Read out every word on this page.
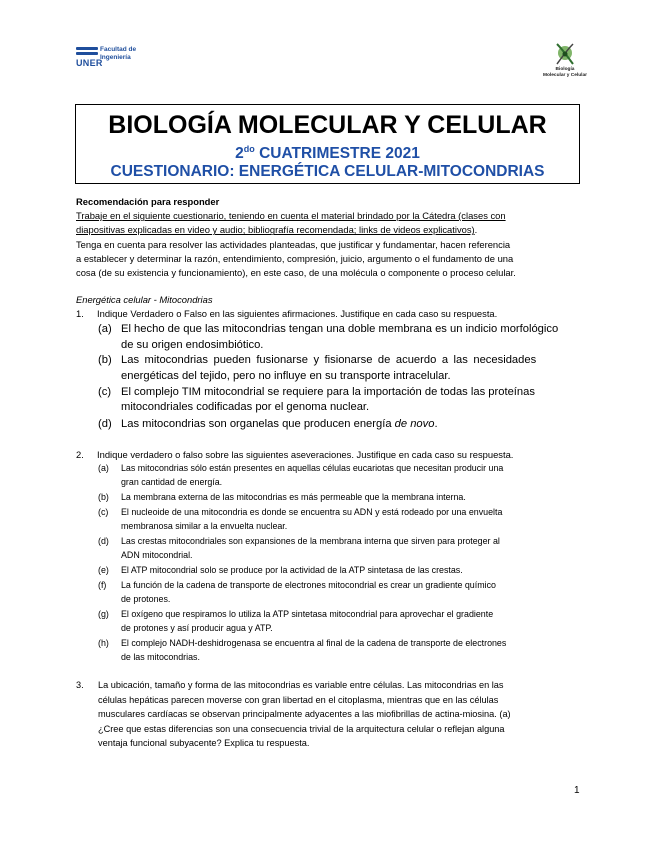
Facultad de
Ingeniería
UNER
Biología
Molecular y Celular
BIOLOGÍA MOLECULAR Y CELULAR
$2^{do}$ CUATRIMESTRE 2021
CUESTIONARIO: ENERGÉTICA CELULAR-MITOCONDRIAS
Recomendación para responder
Trabaje en el siguiente cuestionario, teniendo en cuenta el material brindado por la Cátedra (clases con
diapositivas explicadas en video y audio; bibliografía recomendada; links de videos explicativos).
Tenga en cuenta para resolver las actividades planteadas, que justificar y fundamentar, hacen referencia
a establecer y determinar la razón, entendimiento, compresión, juicio, argumento o el fundamento de una
cosa (de su existencia y funcionamiento), en este caso, de una molécula o componente o proceso celular.
Energética celular - Mitocondrias
1. Indique Verdadero o Falso en las siguientes afirmaciones. Justifique en cada caso su respuesta.
(a) El hecho de que las mitocondrias tengan una doble membrana es un indicio morfológico
de su origen endosimbiótico.
(b) Las mitocondrias pueden fusionarse y fisionarse de acuerdo a las necesidades
energéticas del tejido, pero no influye en su transporte intracelular.
(c) El complejo TIM mitocondrial se requiere para la importación de todas las proteínas
mitocondriales codificadas por el genoma nuclear.
(d) Las mitocondrias son organelas que producen energía de novo.
2. Indique verdadero o falso sobre las siguientes aseveraciones. Justifique en cada caso su respuesta.
(a) Las mitocondrias sólo están presentes en aquellas células eucariotas que necesitan producir una
gran cantidad de energía.
(b) La membrana externa de las mitocondrias es más permeable que la membrana interna.
(c) El nucleoide de una mitocondria es donde se encuentra su ADN y está rodeado por una envuelta
membranosa similar a la envuelta nuclear.
(d) Las crestas mitocondriales son expansiones de la membrana interna que sirven para proteger al
ADN mitocondrial.
(e) El ATP mitocondrial solo se produce por la actividad de la ATP sintetasa de las crestas.
(f) La función de la cadena de transporte de electrones mitocondrial es crear un gradiente químico
de protones.
(g) El oxígeno que respiramos lo utiliza la ATP sintetasa mitocondrial para aprovechar el gradiente
de protones y así producir agua y ATP.
(h) El complejo NADH-deshidrogenasa se encuentra al final de la cadena de transporte de electrones
de las mitocondrias.
3. La ubicación, tamaño y forma de las mitocondrias es variable entre células. Las mitocondrias en las
células hepáticas parecen moverse con gran libertad en el citoplasma, mientras que en las células
musculares cardíacas se observan principalmente adyacentes a las miofibrillas de actina-miosina. (a)
¿Cree que estas diferencias son una consecuencia trivial de la arquitectura celular o reflejan alguna
ventaja funcional subyacente? Explica tu respuesta.
1
